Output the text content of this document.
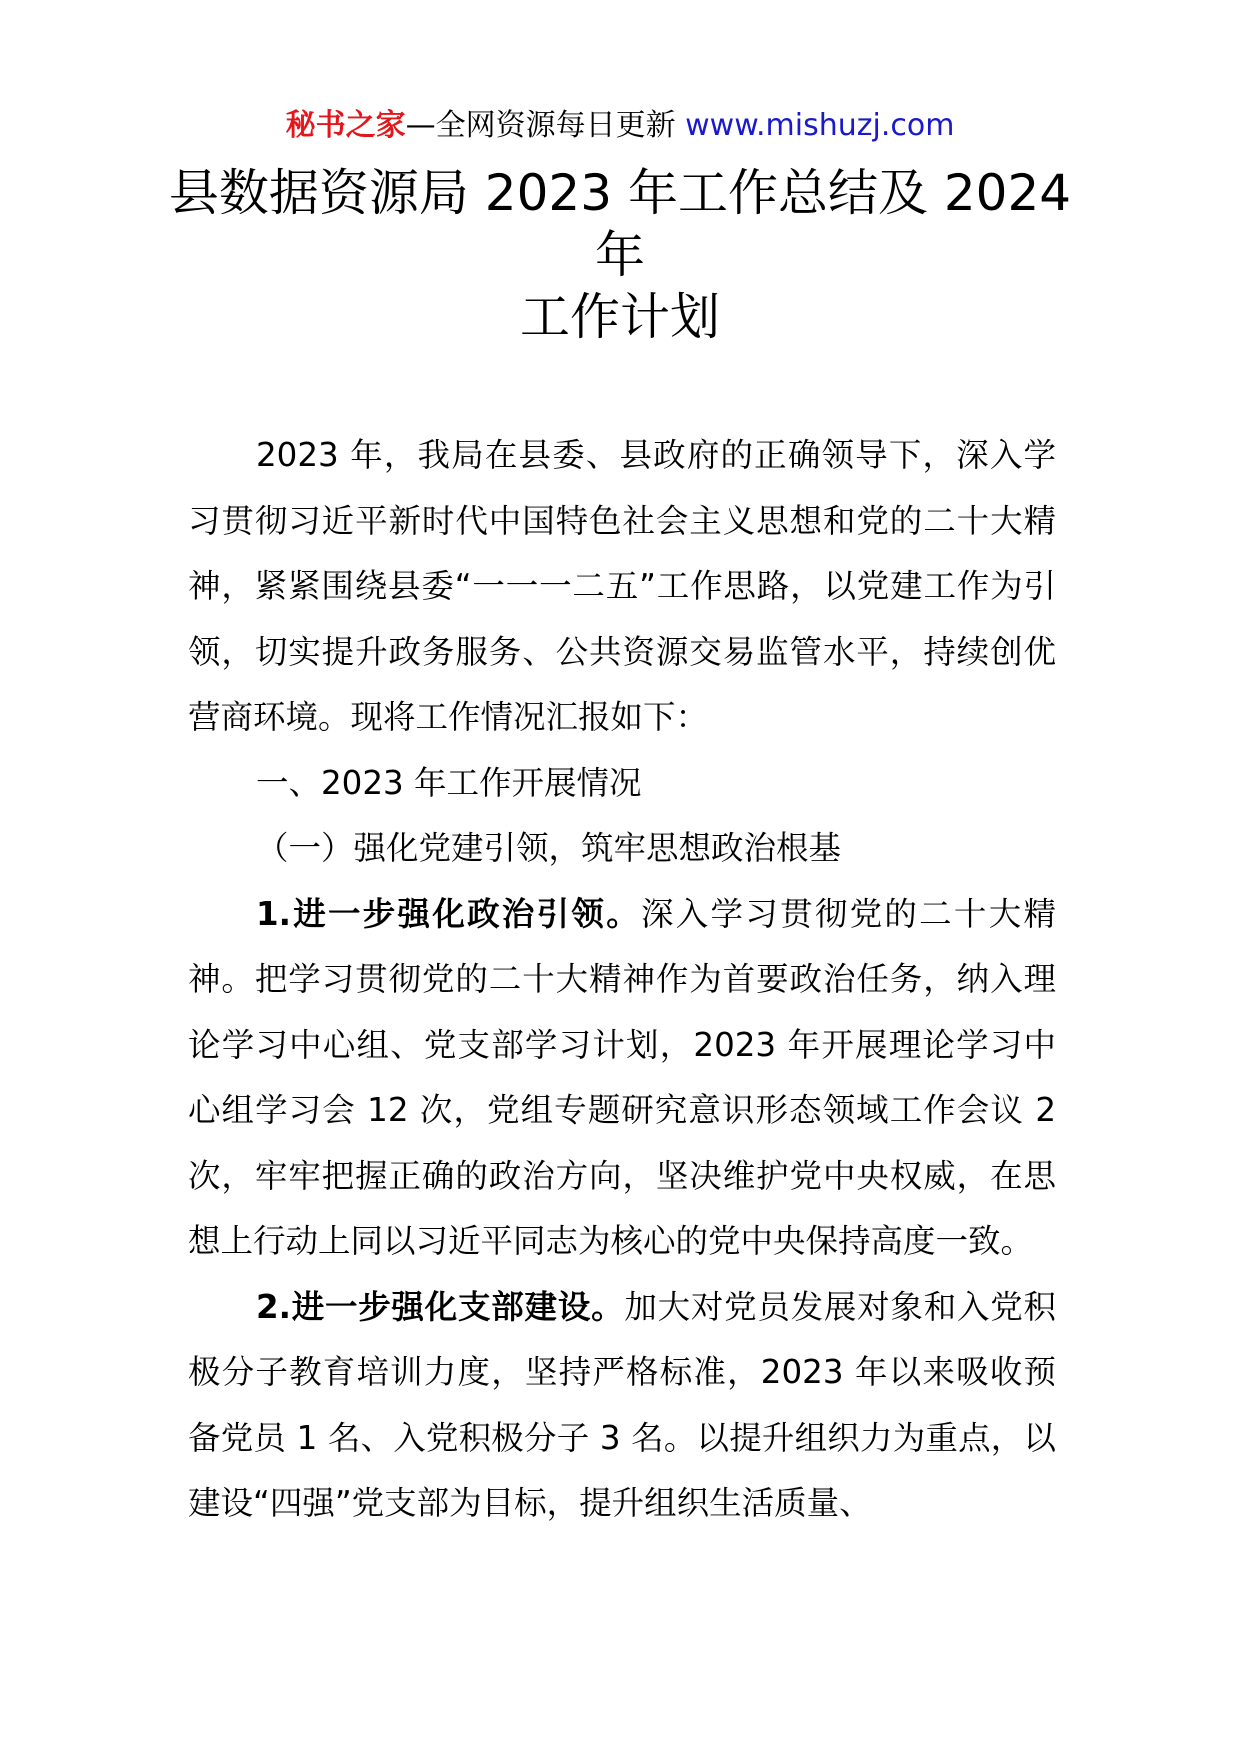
秘书之家—全网资源每日更新 www.mishuzj.com
县数据资源局 2023 年工作总结及 2024
年
工作计划

2023 年，我局在县委、县政府的正确领导下，深入学习贯彻习近平新时代中国特色社会主义思想和党的二十大精神，紧紧围绕县委“一一一二五”工作思路，以党建工作为引领，切实提升政务服务、公共资源交易监管水平，持续创优营商环境。现将工作情况汇报如下：

一、2023 年工作开展情况

（一）强化党建引领，筑牢思想政治根基

1.进一步强化政治引领。深入学习贯彻党的二十大精神。把学习贯彻党的二十大精神作为首要政治任务，纳入理论学习中心组、党支部学习计划，2023 年开展理论学习中心组学习会 12 次，党组专题研究意识形态领域工作会议 2 次，牢牢把握正确的政治方向，坚决维护党中央权威，在思想上行动上同以习近平同志为核心的党中央保持高度一致。

2.进一步强化支部建设。加大对党员发展对象和入党积极分子教育培训力度，坚持严格标准，2023 年以来吸收预备党员 1 名、入党积极分子 3 名。以提升组织力为重点，以建设“四强”党支部为目标，提升组织生活质量、
